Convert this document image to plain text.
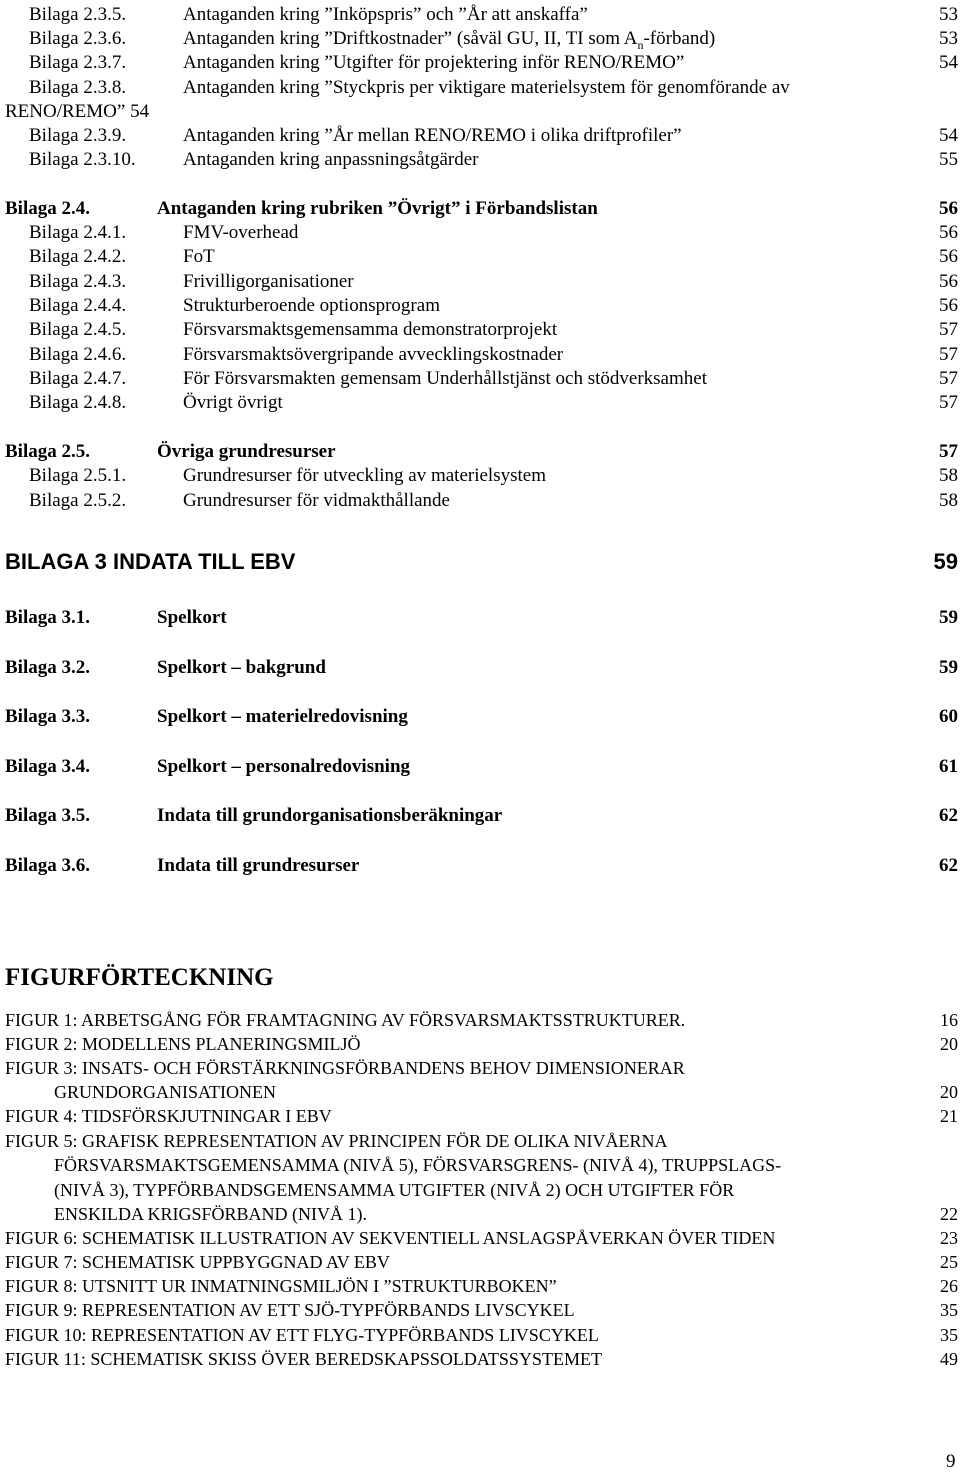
Bilaga 2.3.5.	Antaganden kring ”Inköpspris” och ”År att anskaffa”	53
Bilaga 2.3.6.	Antaganden kring ”Driftkostnader” (såväl GU, II, TI som $A_n-förband$)	53
Bilaga 2.3.7.	Antaganden kring ”Utgifter för projektering inför RENO/REMO”	54
Bilaga 2.3.8.	Antaganden kring ”Styckpris per viktigare materielsystem för genomförande av
RENO/REMO” 54
Bilaga 2.3.9.	Antaganden kring ”År mellan RENO/REMO i olika driftprofiler”	54
Bilaga 2.3.10. Antaganden kring anpassningsåtgärder	55
Bilaga 2.4.	Antaganden kring rubriken ”Övrigt” i Förbandslistan	56
Bilaga 2.4.1.	FMV-overhead	56
Bilaga 2.4.2.	FoT	56
Bilaga 2.4.3.	Frivilligorganisationer	56
Bilaga 2.4.4.	Strukturberoende optionsprogram	56
Bilaga 2.4.5.	Försvarsmaktsgemensamma demonstratorprojekt	57
Bilaga 2.4.6.	Försvarsmaktsövergripande avvecklingskostnader	57
Bilaga 2.4.7.	För Försvarsmakten gemensam Underhållstjänst och stödverksamhet	57
Bilaga 2.4.8.	Övrigt övrigt	57
Bilaga 2.5.	Övriga grundresurser	57
Bilaga 2.5.1.	Grundresurser för utveckling av materielsystem	58
Bilaga 2.5.2.	Grundresurser för vidmakthållande	58
BILAGA 3 INDATA TILL EBV	59
Bilaga 3.1.	Spelkort	59
Bilaga 3.2.	Spelkort – bakgrund	59
Bilaga 3.3.	Spelkort – materielredovisning	60
Bilaga 3.4.	Spelkort – personalredovisning	61
Bilaga 3.5.	Indata till grundorganisationsberäkningar	62
Bilaga 3.6.	Indata till grundresurser	62
FIGURFÖRTECKNING
FIGUR 1: ARBETSGÅNG FÖR FRAMTAGNING AV FÖRSVARSMAKTSSTRUKTURER.	16
FIGUR 2: MODELLENS PLANERINGSMILJÖ	20
FIGUR 3: INSATS- OCH FÖRSTÄRKNINGSFÖRBANDENS BEHOV DIMENSIONERAR
GRUNDORGANISATIONEN	20
FIGUR 4: TIDSFÖRSKJUTNINGAR I EBV	21
FIGUR 5: GRAFISK REPRESENTATION AV PRINCIPEN FÖR DE OLIKA NIVÅERNA
FÖRSVARSMAKTSGEMENSAMMA (NIVÅ 5), FÖRSVARSGRENS- (NIVÅ 4), TRUPPSLAGS-
(NIVÅ 3), TYPFÖRBANDSGEMENSAMMA UTGIFTER (NIVÅ 2) OCH UTGIFTER FÖR
ENSKILDA KRIGSFÖRBAND (NIVÅ 1).	22
FIGUR 6: SCHEMATISK ILLUSTRATION AV SEKVENTIELL ANSLAGSPÅVERKAN ÖVER TIDEN	23
FIGUR 7: SCHEMATISK UPPBYGGNAD AV EBV	25
FIGUR 8: UTSNITT UR INMATNINGSMILJÖN I ”STRUKTURBOKEN”	26
FIGUR 9: REPRESENTATION AV ETT SJÖ-TYPFÖRBANDS LIVSCYKEL	35
FIGUR 10: REPRESENTATION AV ETT FLYG-TYPFÖRBANDS LIVSCYKEL	35
FIGUR 11: SCHEMATISK SKISS ÖVER BEREDSKAPSSOLDATSSYSTEMET	49
9
